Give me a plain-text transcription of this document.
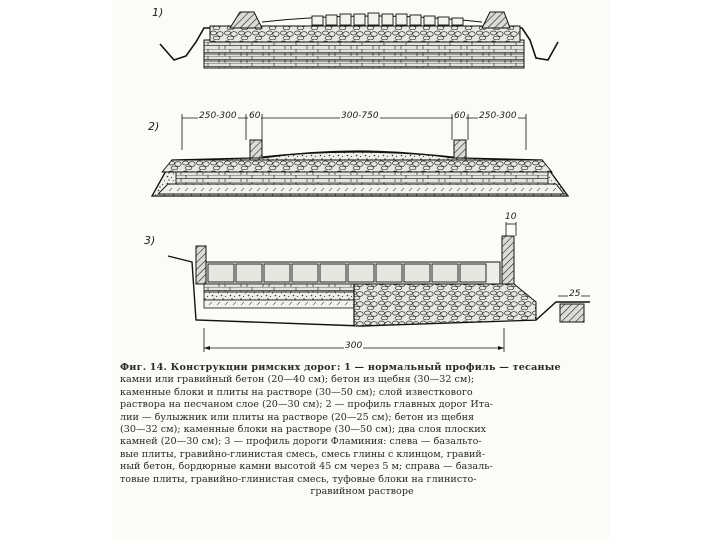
1)
2)
3)
250-300 60	300-750	60 250-300
10
25
300

Фиг. 14. Конструкции римских дорог: 1 — нормальный профиль — тесаные

камни или гравийный бетон (20—40 см); бетон из щебня (30—32 см);

каменные блоки и плиты на растворе (30—50 см); слой известкового

раствора на песчаном слое (20—30 см); 2 — профиль главных дорог Ита-

лии — булыжник или плиты на растворе (20—25 см); бетон из щебня

(30—32 см); каменные блоки на растворе (30—50 см); два слоя плоских

камней (20—30 см); 3 — профиль дороги Фламиния: слева — базальто-

вые плиты, гравийно-глинистая смесь, смесь глины с клинцом, гравий-

ный бетон, бордюрные камни высотой 45 см через 5 м; справа — базаль-

товые плиты, гравийно-глинистая смесь, туфовые блоки на глинисто-

гравийном растворе
